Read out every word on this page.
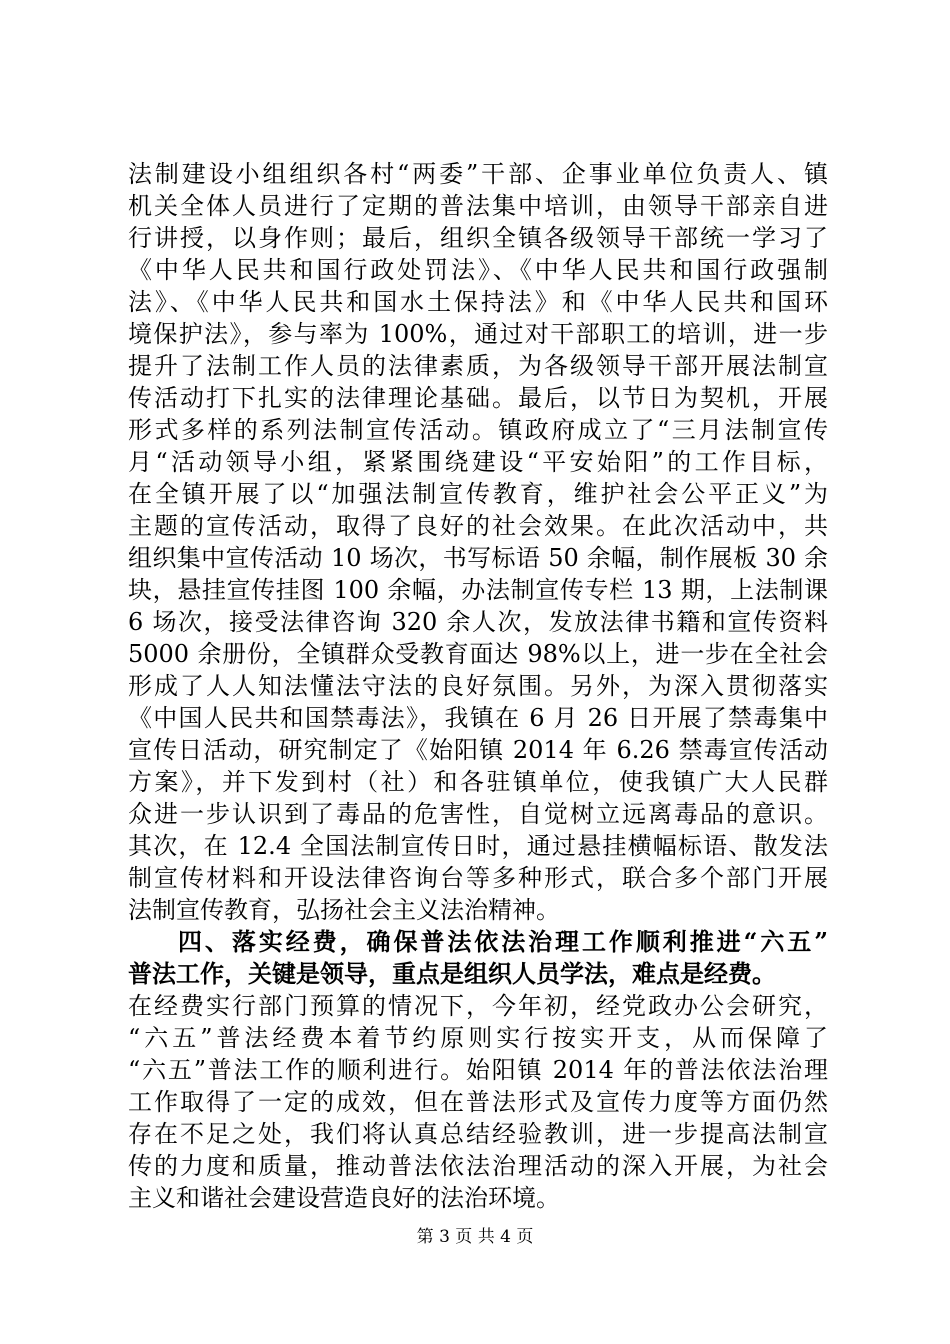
法制建设小组组织各村“两委”干部、企事业单位负责人、镇
机关全体人员进行了定期的普法集中培训，由领导干部亲自进
行讲授，以身作则；最后，组织全镇各级领导干部统一学习了
《中华人民共和国行政处罚法》、《中华人民共和国行政强制
法》、《中华人民共和国水土保持法》和《中华人民共和国环
境保护法》，参与率为 100%，通过对干部职工的培训，进一步
提升了法制工作人员的法律素质，为各级领导干部开展法制宣
传活动打下扎实的法律理论基础。最后，以节日为契机，开展
形式多样的系列法制宣传活动。镇政府成立了“三月法制宣传
月“活动领导小组，紧紧围绕建设“平安始阳”的工作目标，
在全镇开展了以“加强法制宣传教育，维护社会公平正义”为
主题的宣传活动，取得了良好的社会效果。在此次活动中，共
组织集中宣传活动 10 场次，书写标语 50 余幅，制作展板 30 余
块，悬挂宣传挂图 100 余幅，办法制宣传专栏 13 期，上法制课
6 场次，接受法律咨询 320 余人次，发放法律书籍和宣传资料
5000 余册份，全镇群众受教育面达 98%以上，进一步在全社会
形成了人人知法懂法守法的良好氛围。另外，为深入贯彻落实
《中国人民共和国禁毒法》，我镇在 6 月 26 日开展了禁毒集中
宣传日活动，研究制定了《始阳镇 2014 年 6.26 禁毒宣传活动
方案》，并下发到村（社）和各驻镇单位，使我镇广大人民群
众进一步认识到了毒品的危害性，自觉树立远离毒品的意识。
其次，在 12.4 全国法制宣传日时，通过悬挂横幅标语、散发法
制宣传材料和开设法律咨询台等多种形式，联合多个部门开展
法制宣传教育，弘扬社会主义法治精神。
四、落实经费，确保普法依法治理工作顺利推进“六五”
普法工作，关键是领导，重点是组织人员学法，难点是经费。
在经费实行部门预算的情况下，今年初，经党政办公会研究，
“六五”普法经费本着节约原则实行按实开支，从而保障了
“六五”普法工作的顺利进行。始阳镇 2014 年的普法依法治理
工作取得了一定的成效，但在普法形式及宣传力度等方面仍然
存在不足之处，我们将认真总结经验教训，进一步提高法制宣
传的力度和质量，推动普法依法治理活动的深入开展，为社会
主义和谐社会建设营造良好的法治环境。
第 3 页 共 4 页
